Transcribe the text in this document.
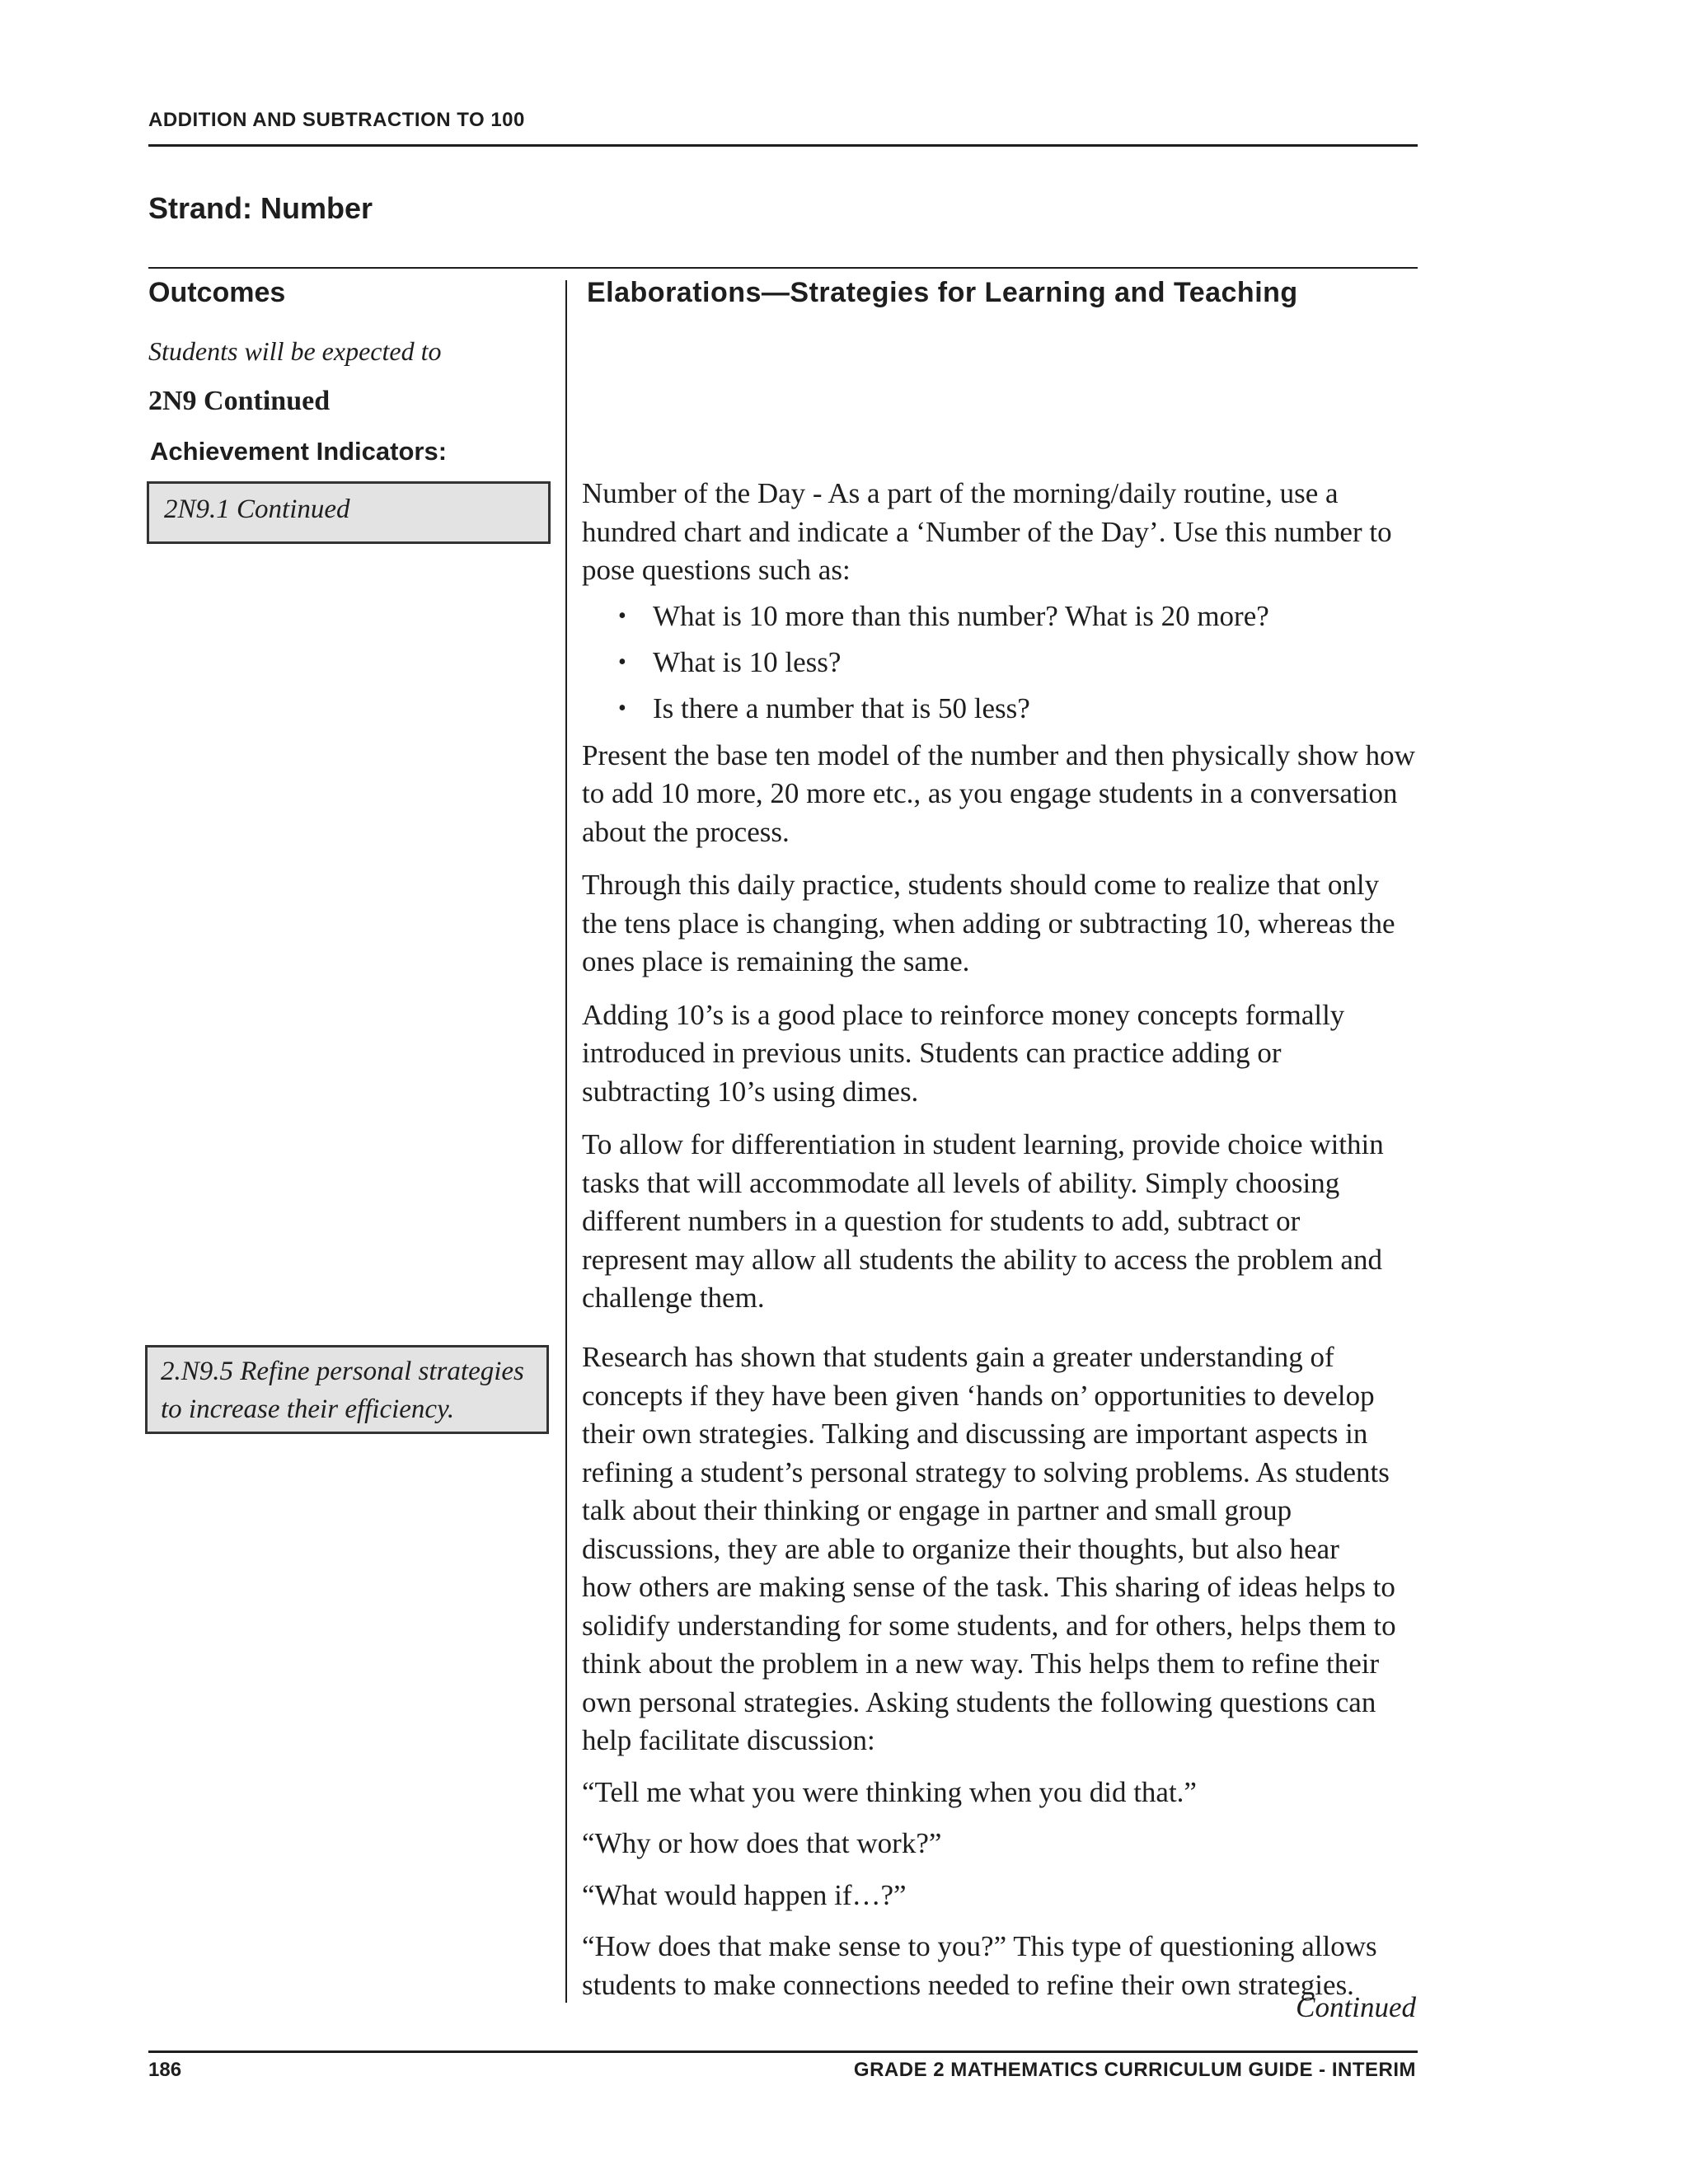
ADDITION AND SUBTRACTION TO 100
Strand: Number
Outcomes
Students will be expected to
2N9 Continued
Achievement Indicators:
2N9.1 Continued
2.N9.5 Refine personal strategies
to increase their efficiency.
Elaborations—Strategies for Learning and Teaching

Number of the Day - As a part of the morning/daily routine, use a
hundred chart and indicate a ‘Number of the Day’. Use this number to
pose questions such as:

• What is 10 more than this number? What is 20 more?
• What is 10 less?
• Is there a number that is 50 less?

Present the base ten model of the number and then physically show how
to add 10 more, 20 more etc., as you engage students in a conversation
about the process.

Through this daily practice, students should come to realize that only
the tens place is changing, when adding or subtracting 10, whereas the
ones place is remaining the same.

Adding 10’s is a good place to reinforce money concepts formally
introduced in previous units. Students can practice adding or
subtracting 10’s using dimes.

To allow for differentiation in student learning, provide choice within
tasks that will accommodate all levels of ability. Simply choosing
different numbers in a question for students to add, subtract or
represent may allow all students the ability to access the problem and
challenge them.

Research has shown that students gain a greater understanding of
concepts if they have been given ‘hands on’ opportunities to develop
their own strategies. Talking and discussing are important aspects in
refining a student’s personal strategy to solving problems. As students
talk about their thinking or engage in partner and small group
discussions, they are able to organize their thoughts, but also hear
how others are making sense of the task. This sharing of ideas helps to
solidify understanding for some students, and for others, helps them to
think about the problem in a new way. This helps them to refine their
own personal strategies. Asking students the following questions can
help facilitate discussion:

“Tell me what you were thinking when you did that.”

“Why or how does that work?”

“What would happen if…?”

“How does that make sense to you?” This type of questioning allows
students to make connections needed to refine their own strategies.

Continued
186	GRADE 2 MATHEMATICS CURRICULUM GUIDE - INTERIM
